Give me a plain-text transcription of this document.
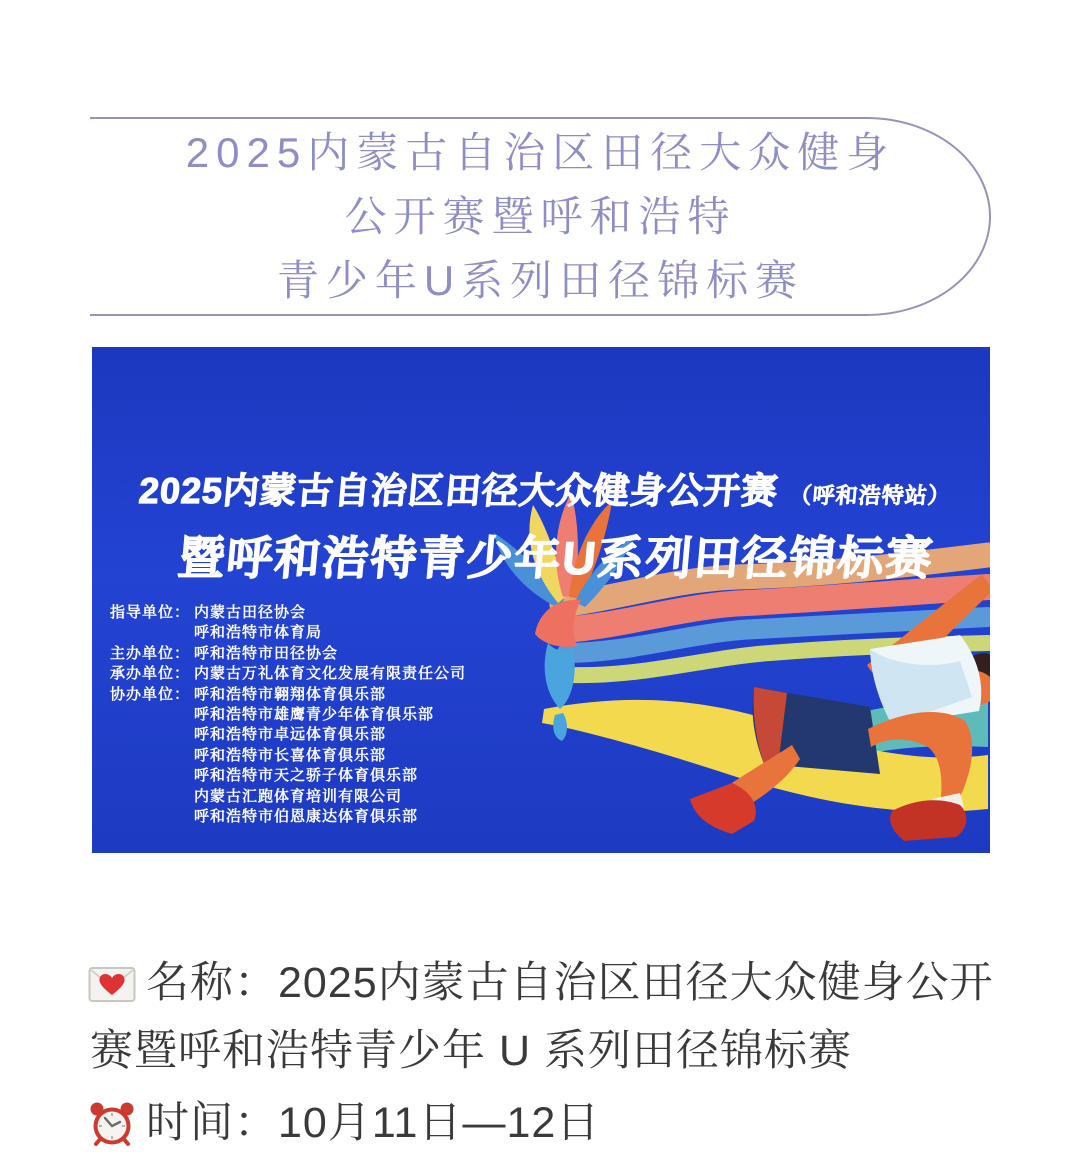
2025内蒙古自治区田径大众健身
公开赛暨呼和浩特
青少年U系列田径锦标赛
2025内蒙古自治区田径大众健身公开赛 （呼和浩特站）
暨呼和浩特青少年U系列田径锦标赛
指导单位： 内蒙古田径协会
呼和浩特市体育局
主办单位： 呼和浩特市田径协会
承办单位： 内蒙古万礼体育文化发展有限责任公司
协办单位： 呼和浩特市翱翔体育俱乐部
呼和浩特市雄鹰青少年体育俱乐部
呼和浩特市卓远体育俱乐部
呼和浩特市长喜体育俱乐部
呼和浩特市天之骄子体育俱乐部
内蒙古汇跑体育培训有限公司
呼和浩特市伯恩康达体育俱乐部
名称： 2025内蒙古自治区田径大众健身公开
赛暨呼和浩特青少年 U 系列田径锦标赛
时间： 10月11日—12日
